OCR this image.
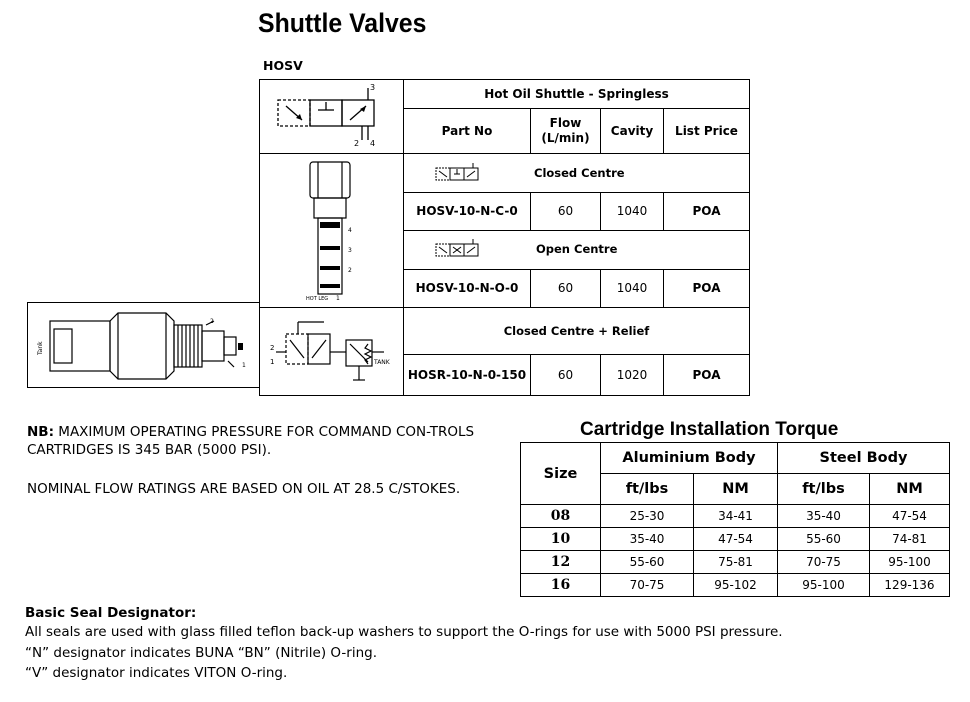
Shuttle Valves
HOSV
Tank
2
1
3
2 4	Hot Oil Shuttle - Springless			
	Part No	Flow
(L/min)	Cavity	List Price

4
3
2
HOT LEG 1	Closed Centre			

	HOSV-10-N-C-0	60	1040	POA

	Open Centre			

	HOSV-10-N-O-0	60	1040	POA

2
1 TANK	Closed Centre + Relief			
	HOSR-10-N-0-150	60	1020	POA
NB: MAXIMUM OPERATING PRESSURE FOR COMMAND CON-TROLS CARTRIDGES IS 345 BAR (5000 PSI).
NOMINAL FLOW RATINGS ARE BASED ON OIL AT 28.5 C/STOKES.
Cartridge Installation Torque
Size	Aluminium Body		Steel Body	
	ft/lbs	NM	ft/lbs	NM
08	25-30	34-41	35-40	47-54
10	35-40	47-54	55-60	74-81
12	55-60	75-81	70-75	95-100
16	70-75	95-102	95-100	129-136
Basic Seal Designator:
All seals are used with glass filled teflon back-up washers to support the O-rings for use with 5000 PSI pressure.
“N” designator indicates BUNA “BN” (Nitrile) O-ring.
“V” designator indicates VITON O-ring.
